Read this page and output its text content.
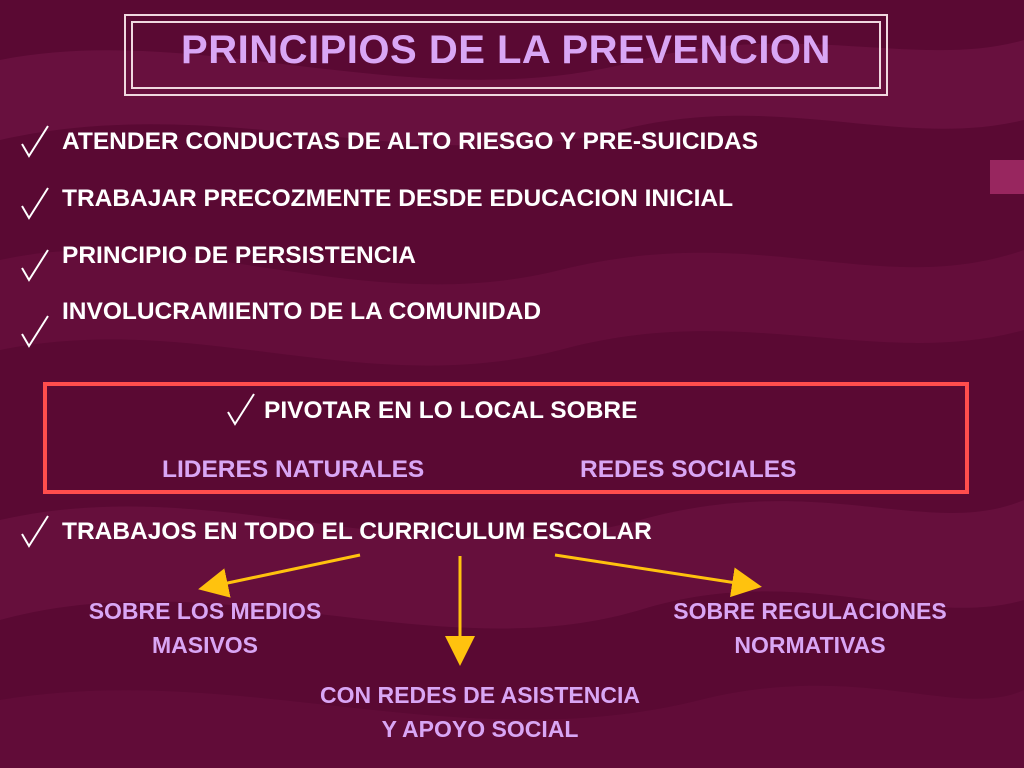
PRINCIPIOS DE LA PREVENCION
ATENDER CONDUCTAS DE ALTO RIESGO Y PRE-SUICIDAS
TRABAJAR PRECOZMENTE DESDE EDUCACION INICIAL
PRINCIPIO DE PERSISTENCIA
INVOLUCRAMIENTO DE LA COMUNIDAD
PIVOTAR EN LO LOCAL SOBRE
LIDERES NATURALES	REDES SOCIALES
TRABAJOS EN TODO EL CURRICULUM ESCOLAR
SOBRE LOS MEDIOS
MASIVOS
SOBRE REGULACIONES
NORMATIVAS
CON REDES DE ASISTENCIA
Y APOYO SOCIAL
